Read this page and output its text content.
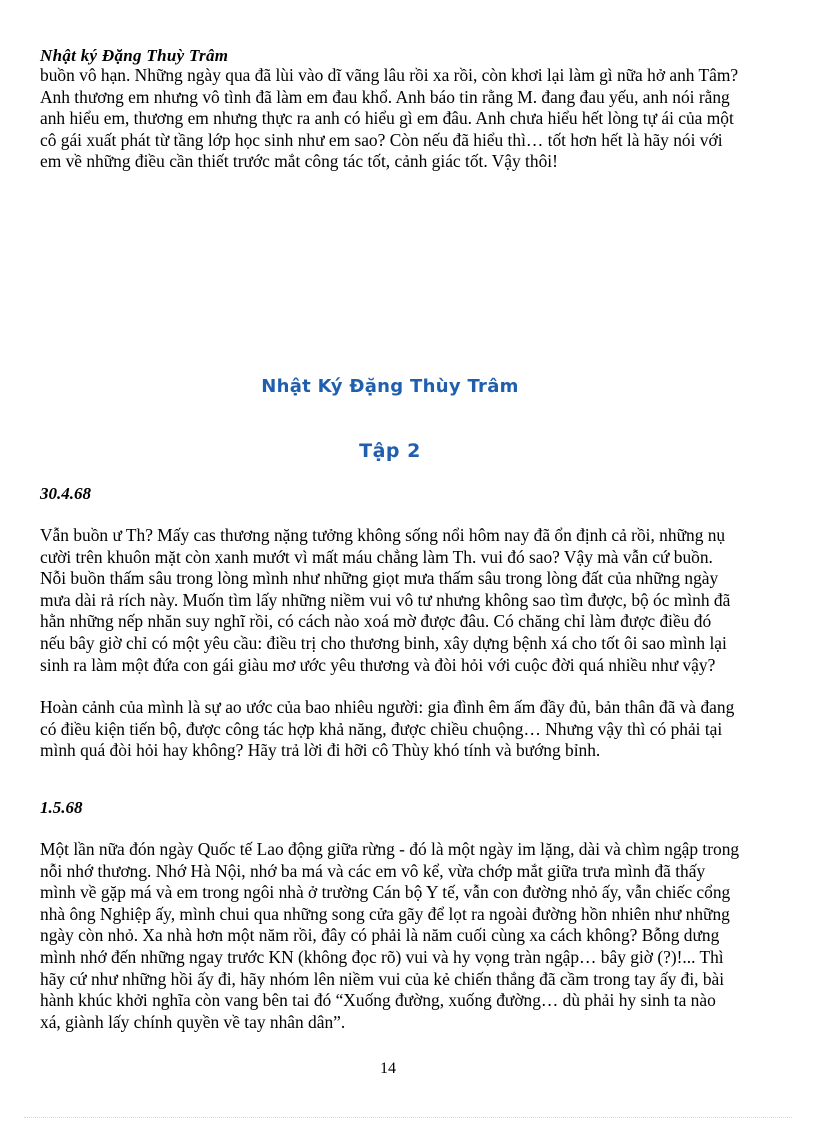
Nhật ký Đặng Thuỳ Trâm

buồn vô hạn. Những ngày qua đã lùi vào dĩ vãng lâu rồi xa rồi, còn khơi lại làm gì nữa hở anh Tâm? Anh thương em nhưng vô tình đã làm em đau khổ. Anh báo tin rằng M. đang đau yếu, anh nói rằng anh hiểu em, thương em nhưng thực ra anh có hiểu gì em đâu. Anh chưa hiểu hết lòng tự ái của một cô gái xuất phát từ tầng lớp học sinh như em sao? Còn nếu đã hiểu thì… tốt hơn hết là hãy nói với em về những điều cần thiết trước mắt công tác tốt, cảnh giác tốt. Vậy thôi!

Nhật Ký Đặng Thùy Trâm
Tập 2

30.4.68

Vẫn buồn ư Th? Mấy cas thương nặng tưởng không sống nổi hôm nay đã ổn định cả rồi, những nụ cười trên khuôn mặt còn xanh mướt vì mất máu chẳng làm Th. vui đó sao? Vậy mà vẫn cứ buồn. Nỗi buồn thấm sâu trong lòng mình như những giọt mưa thấm sâu trong lòng đất của những ngày mưa dài rả rích này. Muốn tìm lấy những niềm vui vô tư nhưng không sao tìm được, bộ óc mình đã hằn những nếp nhăn suy nghĩ rồi, có cách nào xoá mờ được đâu. Có chăng chỉ làm được điều đó nếu bây giờ chỉ có một yêu cầu: điều trị cho thương binh, xây dựng bệnh xá cho tốt ôi sao mình lại sinh ra làm một đứa con gái giàu mơ ước yêu thương và đòi hỏi với cuộc đời quá nhiều như vậy?

Hoàn cảnh của mình là sự ao ước của bao nhiêu người: gia đình êm ấm đầy đủ, bản thân đã và đang có điều kiện tiến bộ, được công tác hợp khả năng, được chiều chuộng… Nhưng vậy thì có phải tại mình quá đòi hỏi hay không? Hãy trả lời đi hỡi cô Thùy khó tính và bướng bỉnh.

1.5.68

Một lần nữa đón ngày Quốc tế Lao động giữa rừng - đó là một ngày im lặng, dài và chìm ngập trong nỗi nhớ thương. Nhớ Hà Nội, nhớ ba má và các em vô kể, vừa chớp mắt giữa trưa mình đã thấy mình về gặp má và em trong ngôi nhà ở trường Cán bộ Y tế, vẫn con đường nhỏ ấy, vẫn chiếc cổng nhà ông Nghiệp ấy, mình chui qua những song cửa gãy để lọt ra ngoài đường hồn nhiên như những ngày còn nhỏ. Xa nhà hơn một năm rồi, đây có phải là năm cuối cùng xa cách không? Bỗng dưng mình nhớ đến những ngay trước KN (không đọc rõ) vui và hy vọng tràn ngập… bây giờ (?)!... Thì hãy cứ như những hồi ấy đi, hãy nhóm lên niềm vui của kẻ chiến thắng đã cầm trong tay ấy đi, bài hành khúc khởi nghĩa còn vang bên tai đó “Xuống đường, xuống đường… dù phải hy sinh ta nào xá, giành lấy chính quyền về tay nhân dân”.

14
